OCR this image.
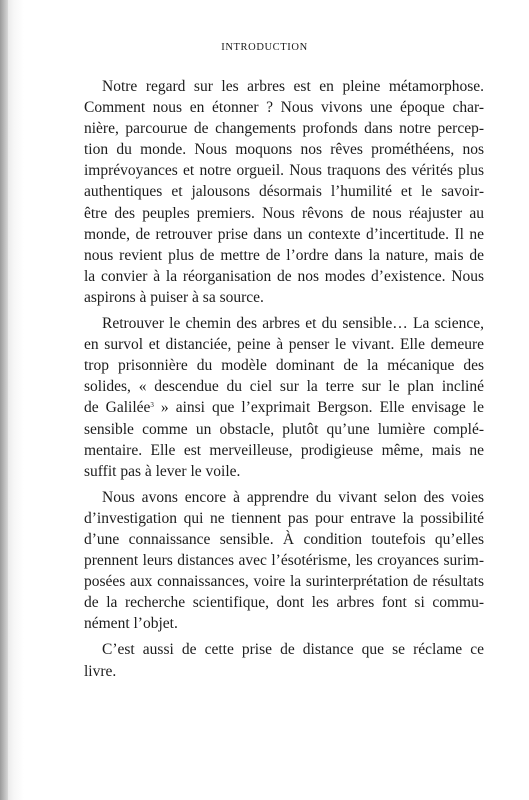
INTRODUCTION

Notre regard sur les arbres est en pleine métamorphose.
Comment nous en étonner ? Nous vivons une époque char-
nière, parcourue de changements profonds dans notre percep-
tion du monde. Nous moquons nos rêves prométhéens, nos
imprévoyances et notre orgueil. Nous traquons des vérités plus
authentiques et jalousons désormais l’humilité et le savoir-
être des peuples premiers. Nous rêvons de nous réajuster au
monde, de retrouver prise dans un contexte d’incertitude. Il ne
nous revient plus de mettre de l’ordre dans la nature, mais de
la convier à la réorganisation de nos modes d’existence. Nous
aspirons à puiser à sa source.

Retrouver le chemin des arbres et du sensible… La science,
en survol et distanciée, peine à penser le vivant. Elle demeure
trop prisonnière du modèle dominant de la mécanique des
solides, « descendue du ciel sur la terre sur le plan incliné
de Galilée$^3$ » ainsi que l’exprimait Bergson. Elle envisage le
sensible comme un obstacle, plutôt qu’une lumière complé-
mentaire. Elle est merveilleuse, prodigieuse même, mais ne
suffit pas à lever le voile.

Nous avons encore à apprendre du vivant selon des voies
d’investigation qui ne tiennent pas pour entrave la possibilité
d’une connaissance sensible. À condition toutefois qu’elles
prennent leurs distances avec l’ésotérisme, les croyances surim-
posées aux connaissances, voire la surinterprétation de résultats
de la recherche scientifique, dont les arbres font si commu-
nément l’objet.

C’est aussi de cette prise de distance que se réclame ce
livre.
